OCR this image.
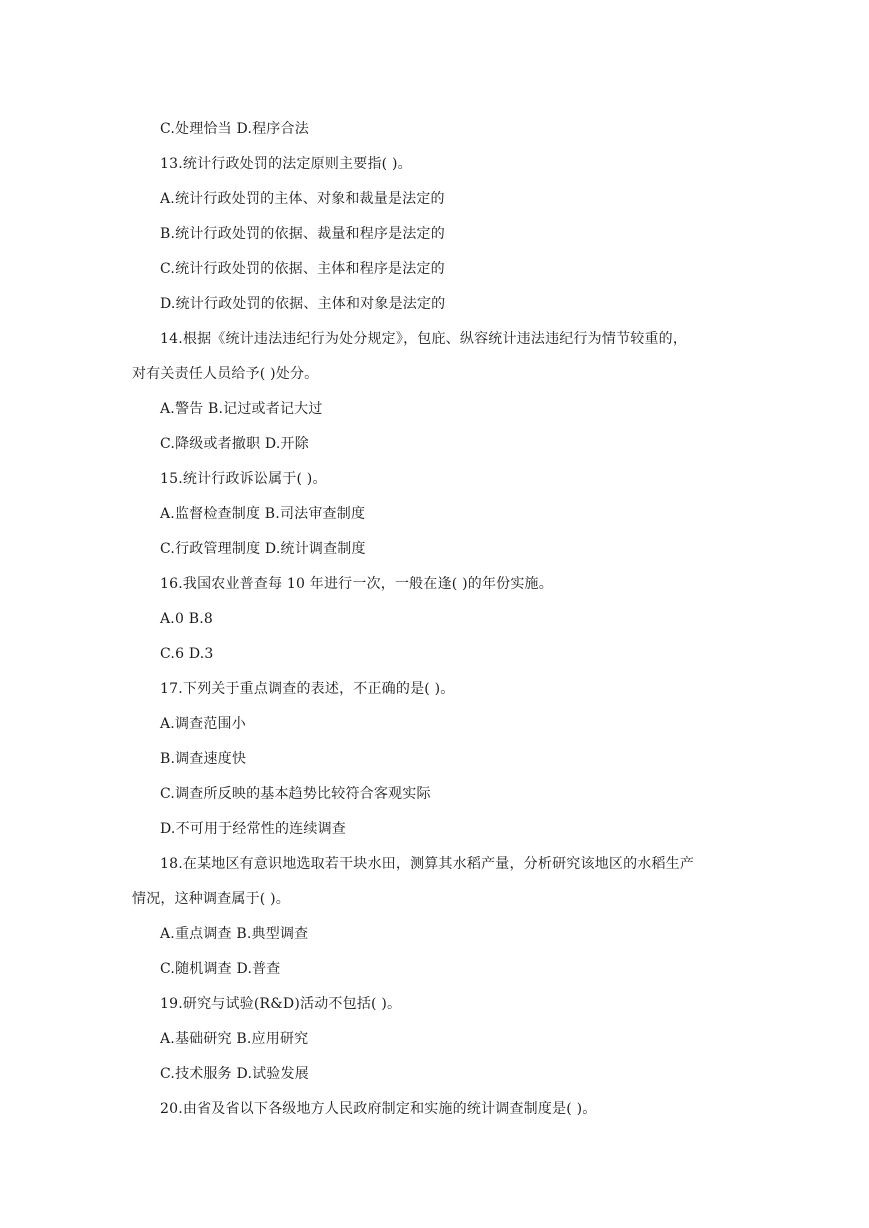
C.处理恰当 D.程序合法
13.统计行政处罚的法定原则主要指( )。
A.统计行政处罚的主体、对象和裁量是法定的
B.统计行政处罚的依据、裁量和程序是法定的
C.统计行政处罚的依据、主体和程序是法定的
D.统计行政处罚的依据、主体和对象是法定的
14.根据《统计违法违纪行为处分规定》，包庇、纵容统计违法违纪行为情节较重的，
对有关责任人员给予( )处分。
A.警告 B.记过或者记大过
C.降级或者撤职 D.开除
15.统计行政诉讼属于( )。
A.监督检查制度 B.司法审查制度
C.行政管理制度 D.统计调查制度
16.我国农业普查每 10 年进行一次，一般在逢( )的年份实施。
A.0 B.8
C.6 D.3
17.下列关于重点调查的表述，不正确的是( )。
A.调查范围小
B.调查速度快
C.调查所反映的基本趋势比较符合客观实际
D.不可用于经常性的连续调查
18.在某地区有意识地选取若干块水田，测算其水稻产量，分析研究该地区的水稻生产
情况，这种调查属于( )。
A.重点调查 B.典型调查
C.随机调查 D.普查
19.研究与试验(R&D)活动不包括( )。
A.基础研究 B.应用研究
C.技术服务 D.试验发展
20.由省及省以下各级地方人民政府制定和实施的统计调查制度是( )。
